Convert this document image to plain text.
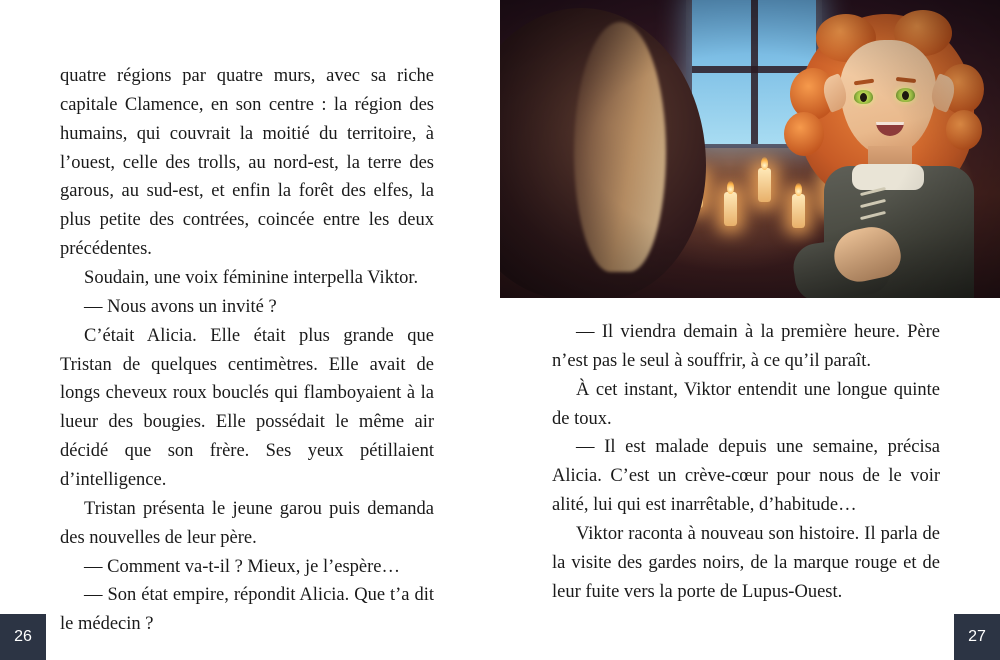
quatre régions par quatre murs, avec sa riche capitale Clamence, en son centre : la région des humains, qui couvrait la moitié du territoire, à l’ouest, celle des trolls, au nord-est, la terre des garous, au sud-est, et enfin la forêt des elfes, la plus petite des contrées, coincée entre les deux précédentes.

Soudain, une voix féminine interpella Viktor.

— Nous avons un invité ?

C’était Alicia. Elle était plus grande que Tristan de quelques centimètres. Elle avait de longs cheveux roux bouclés qui flamboyaient à la lueur des bougies. Elle possédait le même air décidé que son frère. Ses yeux pétillaient d’intelligence.

Tristan présenta le jeune garou puis demanda des nouvelles de leur père.

— Comment va-t-il ? Mieux, je l’espère…

— Son état empire, répondit Alicia. Que t’a dit le médecin ?

26

— Il viendra demain à la première heure. Père n’est pas le seul à souffrir, à ce qu’il paraît.

À cet instant, Viktor entendit une longue quinte de toux.

— Il est malade depuis une semaine, précisa Alicia. C’est un crève-cœur pour nous de le voir alité, lui qui est inarrêtable, d’habitude…

Viktor raconta à nouveau son histoire. Il parla de la visite des gardes noirs, de la marque rouge et de leur fuite vers la porte de Lupus-Ouest.

27
